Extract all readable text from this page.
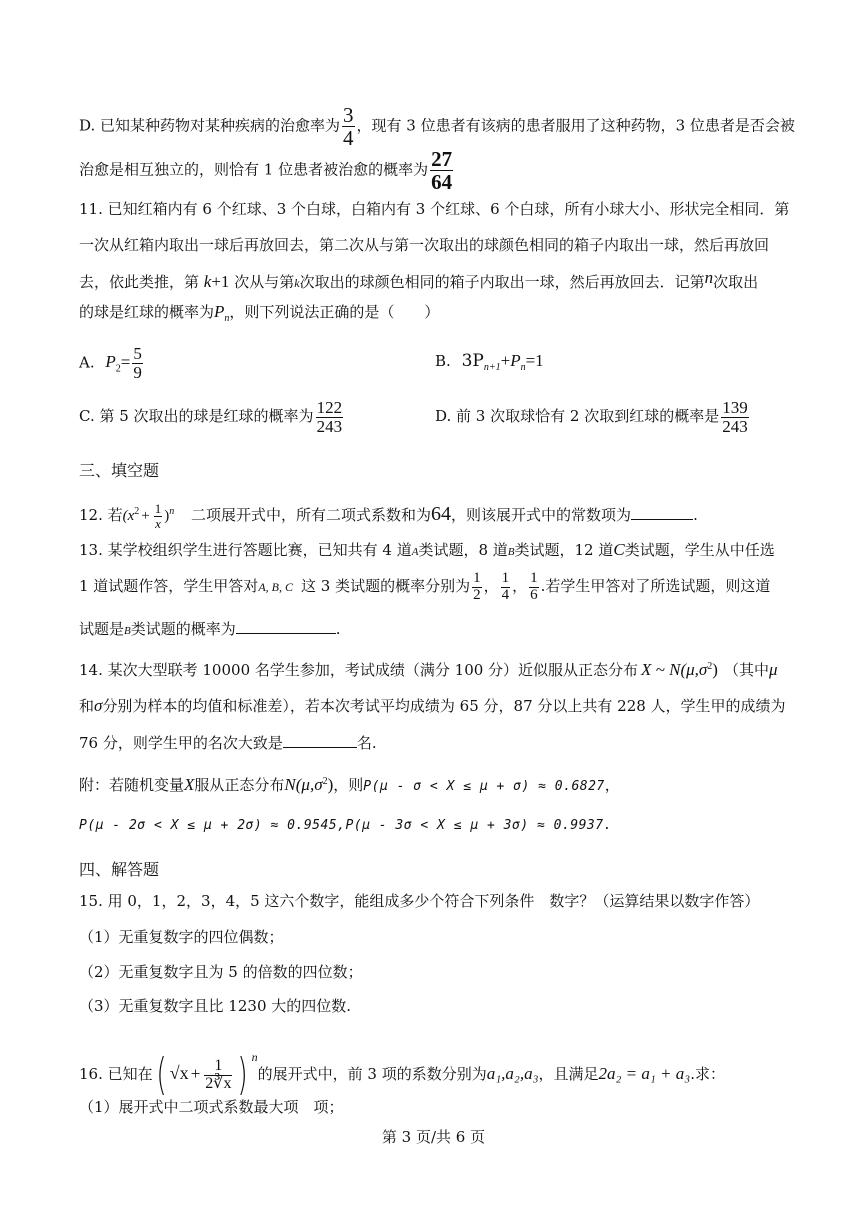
D. 已知某种药物对某种疾病的治愈率为 $\frac{3}{4}$ ，现有 3 位患者有该病的患者服用了这种药物，3 位患者是否会被
治愈是相互独立的，则恰有 1 位患者被治愈的概率为 $\frac{27}{64}$
11. 已知红箱内有 6 个红球、3 个白球，白箱内有 3 个红球、6 个白球，所有小球大小、形状完全相同．第
一次从红箱内取出一球后再放回去，第二次从与第一次取出的球颜色相同的箱子内取出一球，然后再放回
去，依此类推，第 k+1 次从与第k次取出的球颜色相同的箱子内取出一球，然后再放回去．记第n次取出
的球是红球的概率为$P_n$，则下列说法正确的是（　　）
A. $P_2= \frac{5}{9}$	B. $3P_{n+1}+P_n=1$
C. 第 5 次取出的球是红球的概率为 $\frac{122}{243}$	D. 前 3 次取球恰有 2 次取到红球的概率是 $\frac{139}{243}$
三、填空题
12. 若$(x^2 + \frac{1}{x} )^n$ 二项展开式中，所有二项式系数和为64，则该展开式中的常数项为	.
13. 某学校组织学生进行答题比赛，已知共有 4 道A类试题，8 道B类试题，12 道C类试题，学生从中任选
1 道试题作答，学生甲答对A, B, C 这 3 类试题的概率分别为 $\frac{1}{2}$ ， $\frac{1}{4}$ ， $\frac{1}{6}$ .若学生甲答对了所选试题，则这道
试题是B类试题的概率为	.
14. 某次大型联考 10000 名学生参加，考试成绩（满分 100 分）近似服从正态分布 X ~ $N(\mu,\sigma^2)$ （其中μ
和σ分别为样本的均值和标准差），若本次考试平均成绩为 65 分，87 分以上共有 228 人，学生甲的成绩为
76 分，则学生甲的名次大致是	名.
附：若随机变量X服从正态分布$N(\mu,\sigma^2)$，则P(μ - σ < X ≤ μ + σ) ≈ 0.6827，
P(μ - 2σ < X ≤ μ + 2σ) ≈ 0.9545,P(μ - 3σ < X ≤ μ + 3σ) ≈ 0.9937.
四、解答题
15. 用 0，1，2，3，4，5 这六个数字，能组成多少个符合下列条件　数字？（运算结果以数字作答）
（1）无重复数字的四位偶数；
（2）无重复数字且为 5 的倍数的四位数；
（3）无重复数字且比 1230 大的四位数.
16. 已知在( $√x + \frac{1}{2∛x}$ ) $^n$的展开式中，前 3 项的系数分别为a₁,a₂,a₃，且满足2a₂ = a₁ + a₃.求：
（1）展开式中二项式系数最大项　项；
第 3 页/共 6 页
